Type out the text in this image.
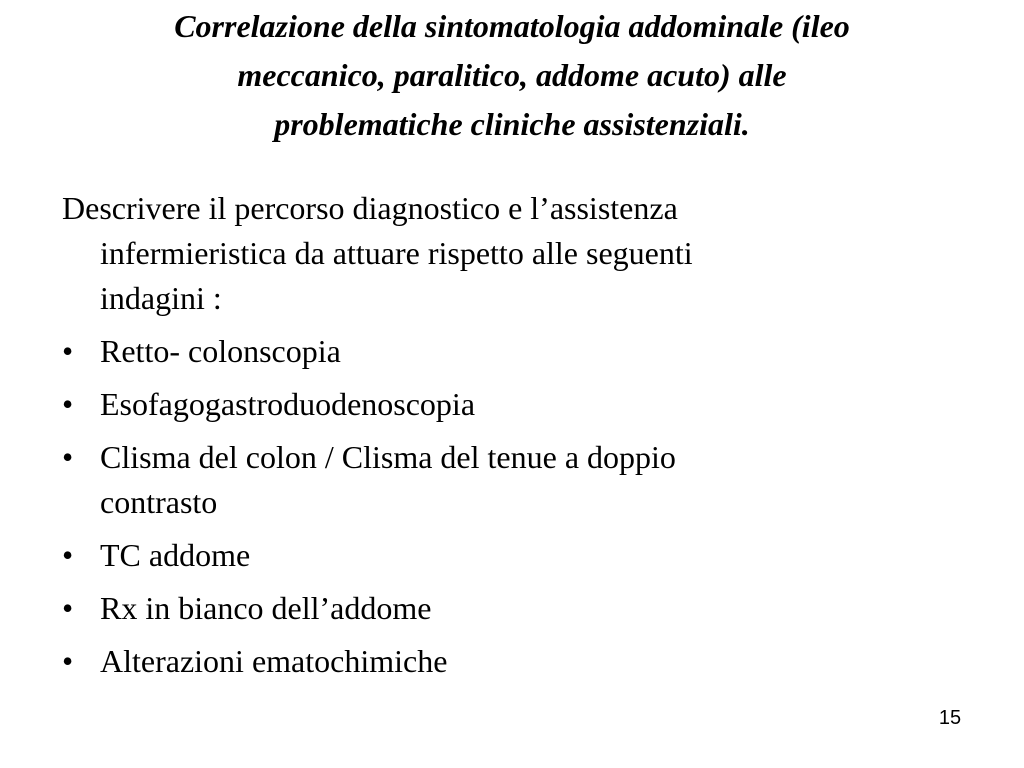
Correlazione della sintomatologia addominale (ileo
meccanico, paralitico, addome acuto) alle
problematiche cliniche assistenziali.

Descrivere il percorso diagnostico e l’assistenza
infermieristica da attuare rispetto alle seguenti
indagini :

• Retto- colonscopia
• Esofagogastroduodenoscopia
• Clisma del colon / Clisma del tenue a doppio
contrasto
• TC addome
• Rx in bianco dell’addome
• Alterazioni ematochimiche
15
